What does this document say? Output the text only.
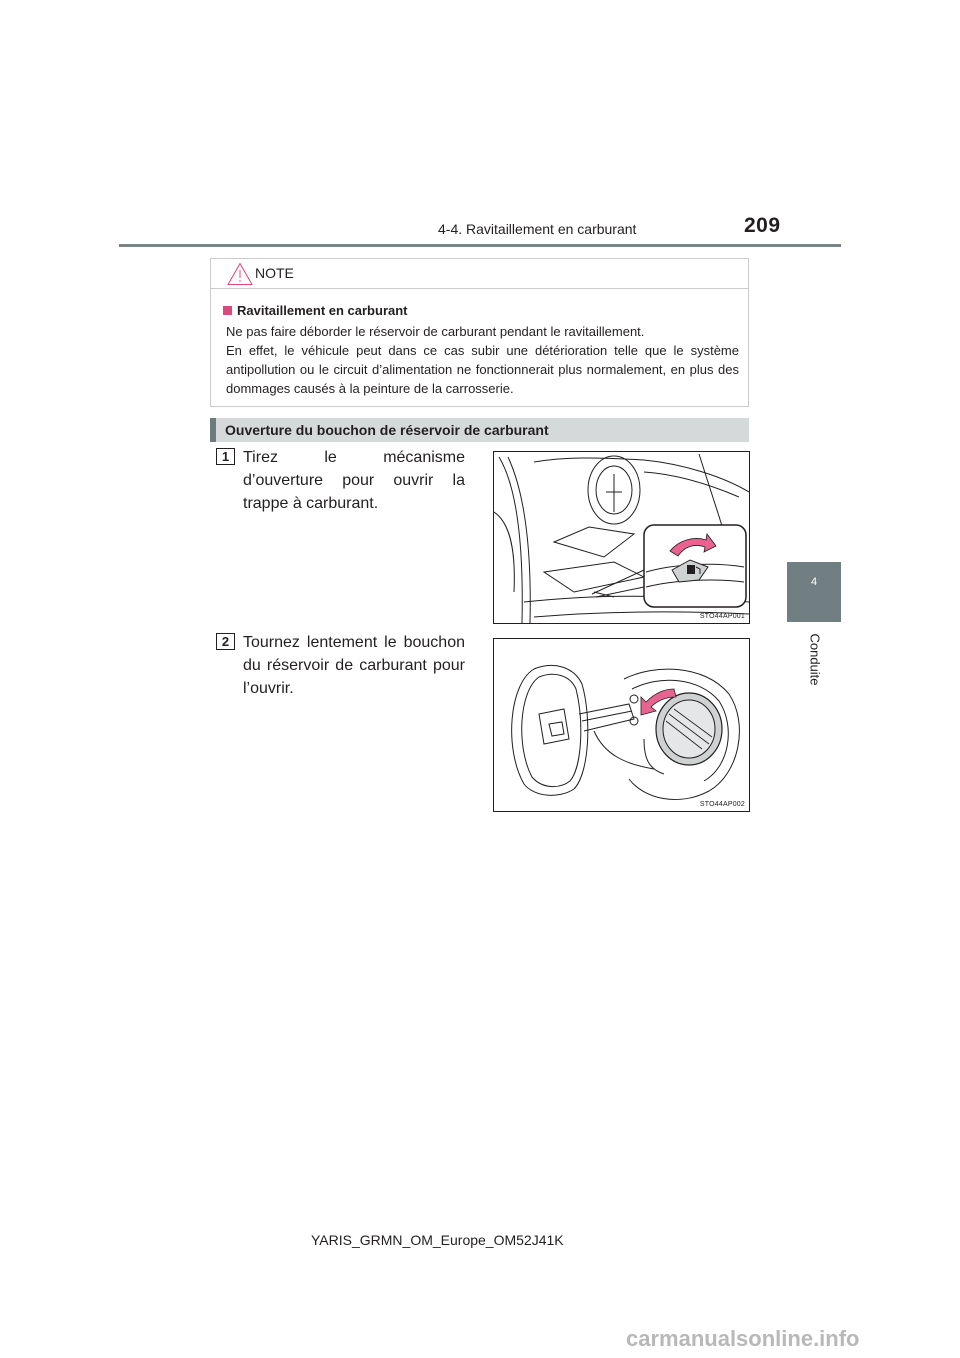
4-4. Ravitaillement en carburant	209
4
Conduite
NOTE
Ravitaillement en carburant

Ne pas faire déborder le réservoir de carburant pendant le ravitaillement.

En effet, le véhicule peut dans ce cas subir une détérioration telle que le système antipollution ou le circuit d’alimentation ne fonctionnerait plus normalement, en plus des dommages causés à la peinture de la carrosserie.

Ouverture du bouchon de réservoir de carburant
1 Tirez le mécanisme d’ouverture pour ouvrir la trappe à carburant.
STO44AP001
2 Tournez lentement le bouchon du réservoir de carburant pour l’ouvrir.
STO44AP002
YARIS_GRMN_OM_Europe_OM52J41K
carmanualsonline.info
